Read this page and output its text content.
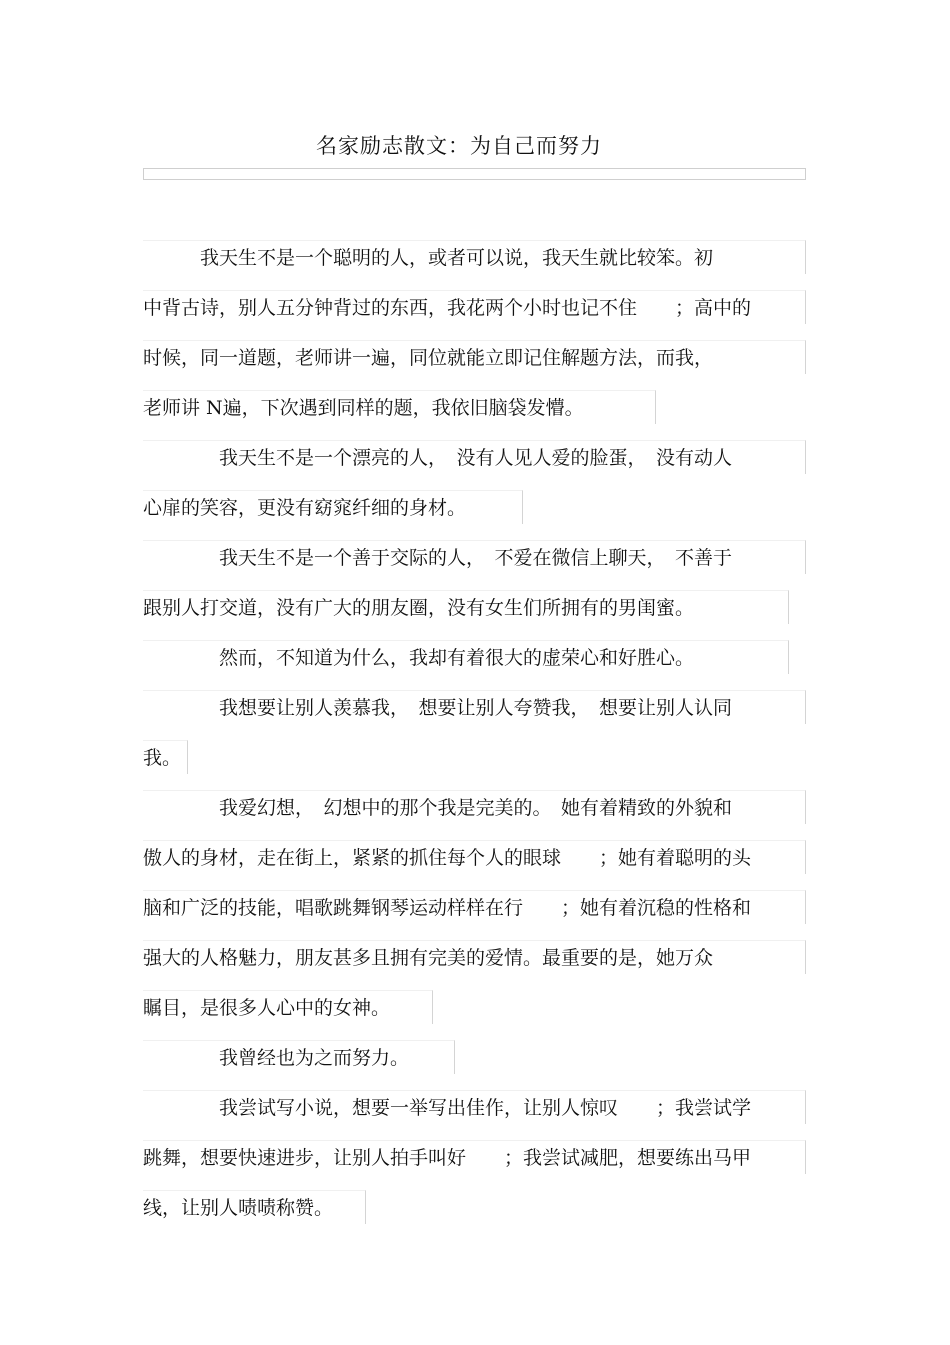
名家励志散文：为自己而努力
　　　我天生不是一个聪明的人，或者可以说，我天生就比较笨。初
中背古诗，别人五分钟背过的东西，我花两个小时也记不住　　；高中的
时候，同一道题，老师讲一遍，同位就能立即记住解题方法，而我，
老师讲 N遍，下次遇到同样的题，我依旧脑袋发懵。
　　　　我天生不是一个漂亮的人，　没有人见人爱的脸蛋，　没有动人
心扉的笑容，更没有窈窕纤细的身材。
　　　　我天生不是一个善于交际的人，　不爱在微信上聊天，　不善于
跟别人打交道，没有广大的朋友圈，没有女生们所拥有的男闺蜜。
　　　　然而，不知道为什么，我却有着很大的虚荣心和好胜心。
　　　　我想要让别人羡慕我，　想要让别人夸赞我，　想要让别人认同
我。
　　　　我爱幻想，　幻想中的那个我是完美的。　她有着精致的外貌和
傲人的身材，走在街上，紧紧的抓住每个人的眼球　　；她有着聪明的头
脑和广泛的技能，唱歌跳舞钢琴运动样样在行　　；她有着沉稳的性格和
强大的人格魅力，朋友甚多且拥有完美的爱情。最重要的是，她万众
瞩目，是很多人心中的女神。
　　　　我曾经也为之而努力。
　　　　我尝试写小说，想要一举写出佳作，让别人惊叹　　；我尝试学
跳舞，想要快速进步，让别人拍手叫好　　；我尝试减肥，想要练出马甲
线，让别人啧啧称赞。
